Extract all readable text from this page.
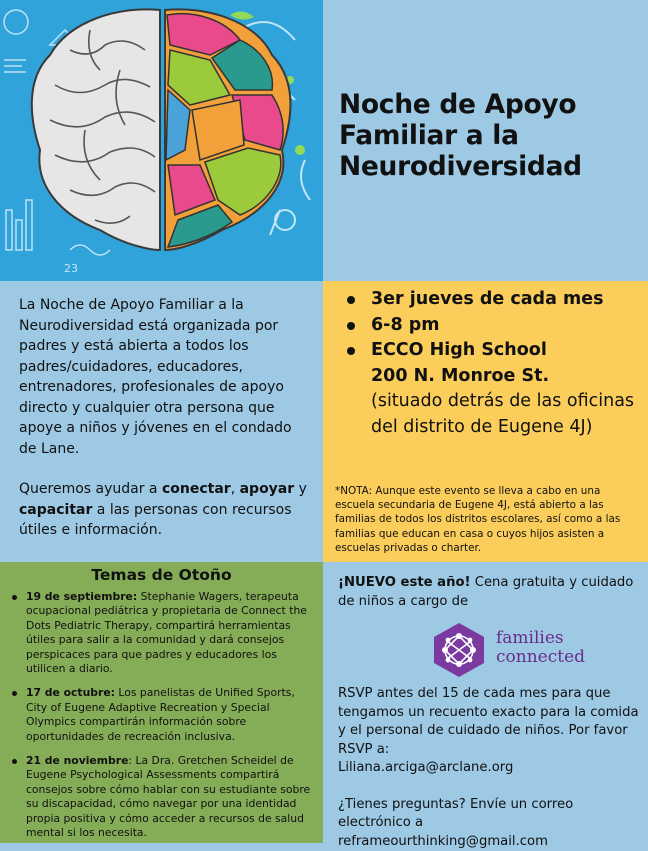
23
Noche de Apoyo Familiar a la Neurodiversidad

La Noche de Apoyo Familiar a la Neurodiversidad está organizada por padres y está abierta a todos los padres/cuidadores, educadores, entrenadores, profesionales de apoyo directo y cualquier otra persona que apoye a niños y jóvenes en el condado de Lane.

Queremos ayudar a conectar, apoyar y capacitar a las personas con recursos útiles e información.

3er jueves de cada mes
6-8 pm
ECCO High School
200 N. Monroe St.
(situado detrás de las oficinas del distrito de Eugene 4J)

*NOTA: Aunque este evento se lleva a cabo en una escuela secundaria de Eugene 4J, está abierto a las familias de todos los distritos escolares, así como a las familias que educan en casa o cuyos hijos asisten a escuelas privadas o charter.

Temas de Otoño
19 de septiembre: Stephanie Wagers, terapeuta ocupacional pediátrica y propietaria de Connect the Dots Pediatric Therapy, compartirá herramientas útiles para salir a la comunidad y dará consejos perspicaces para que padres y educadores los utilicen a diario.
17 de octubre: Los panelistas de Unified Sports, City of Eugene Adaptive Recreation y Special Olympics compartirán información sobre oportunidades de recreación inclusiva.
21 de noviembre: La Dra. Gretchen Scheidel de Eugene Psychological Assessments compartirá consejos sobre cómo hablar con su estudiante sobre su discapacidad, cómo navegar por una identidad propia positiva y cómo acceder a recursos de salud mental si los necesita.

¡NUEVO este año! Cena gratuita y cuidado de niños a cargo de

families
connected

RSVP antes del 15 de cada mes para que tengamos un recuento exacto para la comida y el personal de cuidado de niños. Por favor RSVP a:
Liliana.arciga@arclane.org

¿Tienes preguntas? Envíe un correo electrónico a
reframeourthinking@gmail.com
